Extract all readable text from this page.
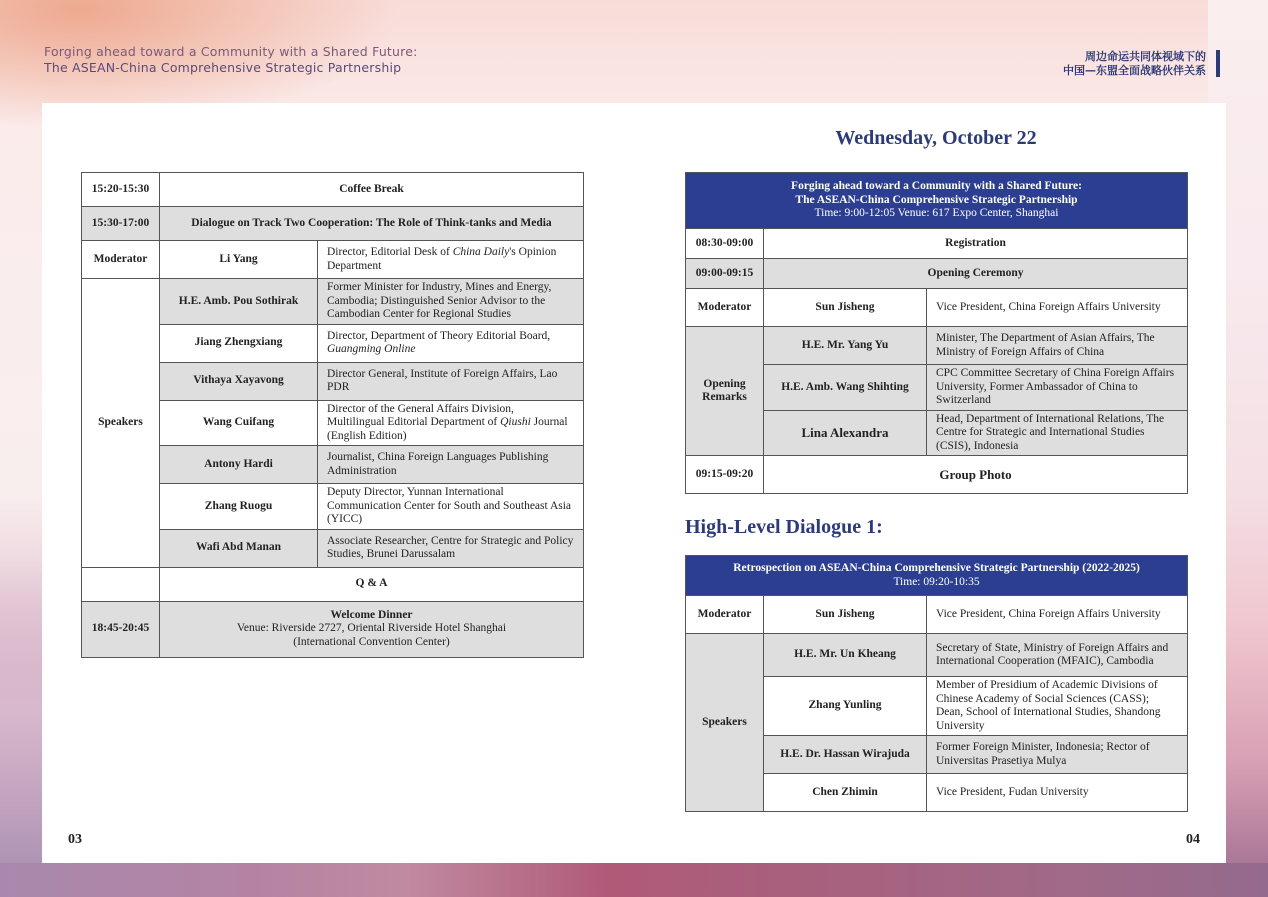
Forging ahead toward a Community with a Shared Future:
The ASEAN-China Comprehensive Strategic Partnership
周边命运共同体视域下的
中国—东盟全面战略伙伴关系
15:20-15:30	Coffee Break	
15:30-17:00	Dialogue on Track Two Cooperation: The Role of Think-tanks and Media	
Moderator	Li Yang	Director, Editorial Desk of China Daily's Opinion Department
Speakers	H.E. Amb. Pou Sothirak	Former Minister for Industry, Mines and Energy, Cambodia; Distinguished Senior Advisor to the Cambodian Center for Regional Studies
	Jiang Zhengxiang	Director, Department of Theory Editorial Board,
Guangming Online
	Vithaya Xayavong	Director General, Institute of Foreign Affairs, Lao PDR
	Wang Cuifang	Director of the General Affairs Division, Multilingual Editorial Department of Qiushi Journal (English Edition)
	Antony Hardi	Journalist, China Foreign Languages Publishing Administration
	Zhang Ruogu	Deputy Director, Yunnan International Communication Center for South and Southeast Asia (YICC)
	Wafi Abd Manan	Associate Researcher, Centre for Strategic and Policy Studies, Brunei Darussalam
	Q & A	
18:45-20:45	Welcome Dinner
Venue: Riverside 2727, Oriental Riverside Hotel Shanghai
(International Convention Center)	
03
Wednesday, October 22
Forging ahead toward a Community with a Shared Future:
The ASEAN-China Comprehensive Strategic Partnership
Time: 9:00-12:05 Venue: 617 Expo Center, Shanghai		

08:30-09:00	Registration	
09:00-09:15	Opening Ceremony	
Moderator	Sun Jisheng	Vice President, China Foreign Affairs University
Opening Remarks	H.E. Mr. Yang Yu	Minister, The Department of Asian Affairs, The Ministry of Foreign Affairs of China
	H.E. Amb. Wang Shihting	CPC Committee Secretary of China Foreign Affairs University, Former Ambassador of China to Switzerland
	Lina Alexandra	Head, Department of International Relations, The Centre for Strategic and International Studies (CSIS), Indonesia
09:15-09:20	Group Photo	
High-Level Dialogue 1:
Retrospection on ASEAN-China Comprehensive Strategic Partnership (2022-2025)
Time: 09:20-10:35		

Moderator	Sun Jisheng	Vice President, China Foreign Affairs University
Speakers	H.E. Mr. Un Kheang	Secretary of State, Ministry of Foreign Affairs and International Cooperation (MFAIC), Cambodia
	Zhang Yunling	Member of Presidium of Academic Divisions of Chinese Academy of Social Sciences (CASS); Dean, School of International Studies, Shandong University
	H.E. Dr. Hassan Wirajuda	Former Foreign Minister, Indonesia; Rector of Universitas Prasetiya Mulya
	Chen Zhimin	Vice President, Fudan University
04
